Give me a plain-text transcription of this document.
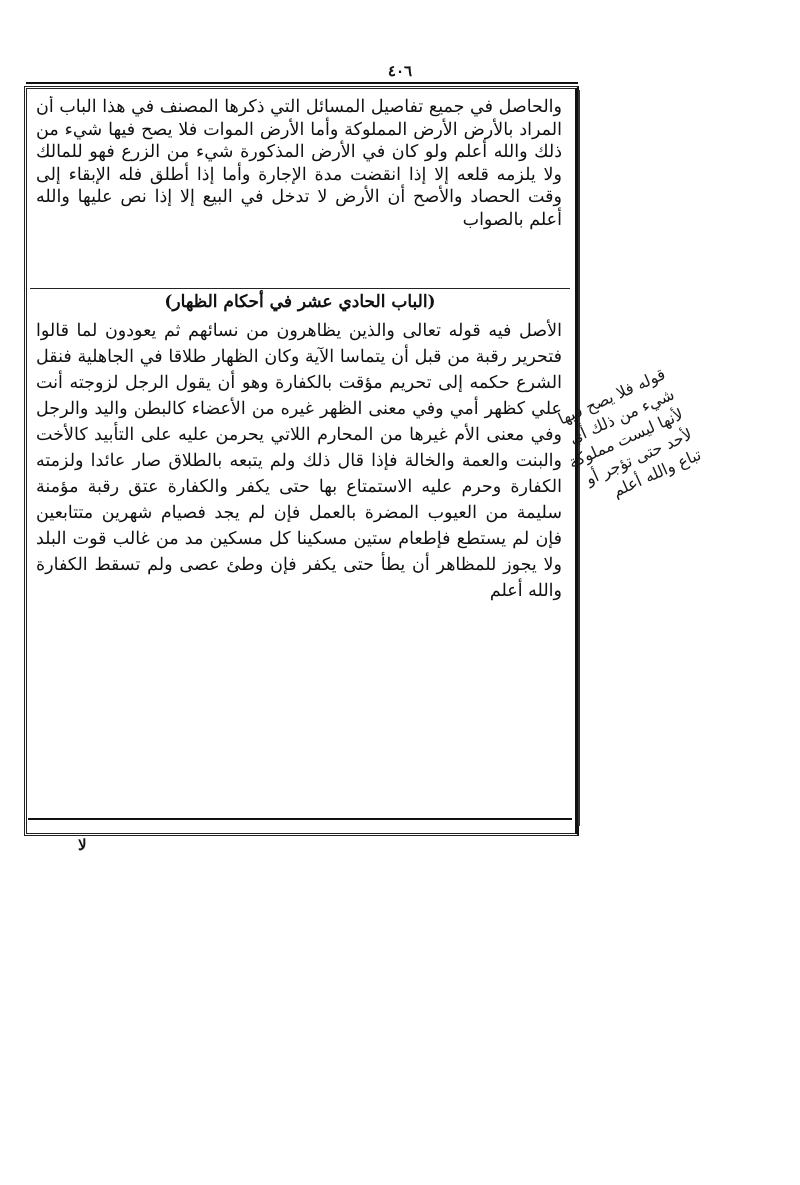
٤٠٦
والحاصل في جميع تفاصيل المسائل التي ذكرها المصنف في هذا الباب أن المراد بالأرض الأرض المملوكة وأما الأرض الموات فلا يصح فيها شيء من ذلك والله أعلم ولو كان في الأرض المذكورة شيء من الزرع فهو للمالك ولا يلزمه قلعه إلا إذا انقضت مدة الإجارة وأما إذا أطلق فله الإبقاء إلى وقت الحصاد والأصح أن الأرض لا تدخل في البيع إلا إذا نص عليها والله أعلم بالصواب
(الباب الحادي عشر في أحكام الظهار)
الأصل فيه قوله تعالى والذين يظاهرون من نسائهم ثم يعودون لما قالوا فتحرير رقبة من قبل أن يتماسا الآية وكان الظهار طلاقا في الجاهلية فنقل الشرع حكمه إلى تحريم مؤقت بالكفارة وهو أن يقول الرجل لزوجته أنت علي كظهر أمي وفي معنى الظهر غيره من الأعضاء كالبطن واليد والرجل وفي معنى الأم غيرها من المحارم اللاتي يحرمن عليه على التأبيد كالأخت والبنت والعمة والخالة فإذا قال ذلك ولم يتبعه بالطلاق صار عائدا ولزمته الكفارة وحرم عليه الاستمتاع بها حتى يكفر والكفارة عتق رقبة مؤمنة سليمة من العيوب المضرة بالعمل فإن لم يجد فصيام شهرين متتابعين فإن لم يستطع فإطعام ستين مسكينا كل مسكين مد من غالب قوت البلد ولا يجوز للمظاهر أن يطأ حتى يكفر فإن وطئ عصى ولم تسقط الكفارة والله أعلم
لا
قوله فلا يصح فيها شيء من ذلك أي لأنها ليست مملوكة لأحد حتى تؤجر أو تباع والله أعلم
